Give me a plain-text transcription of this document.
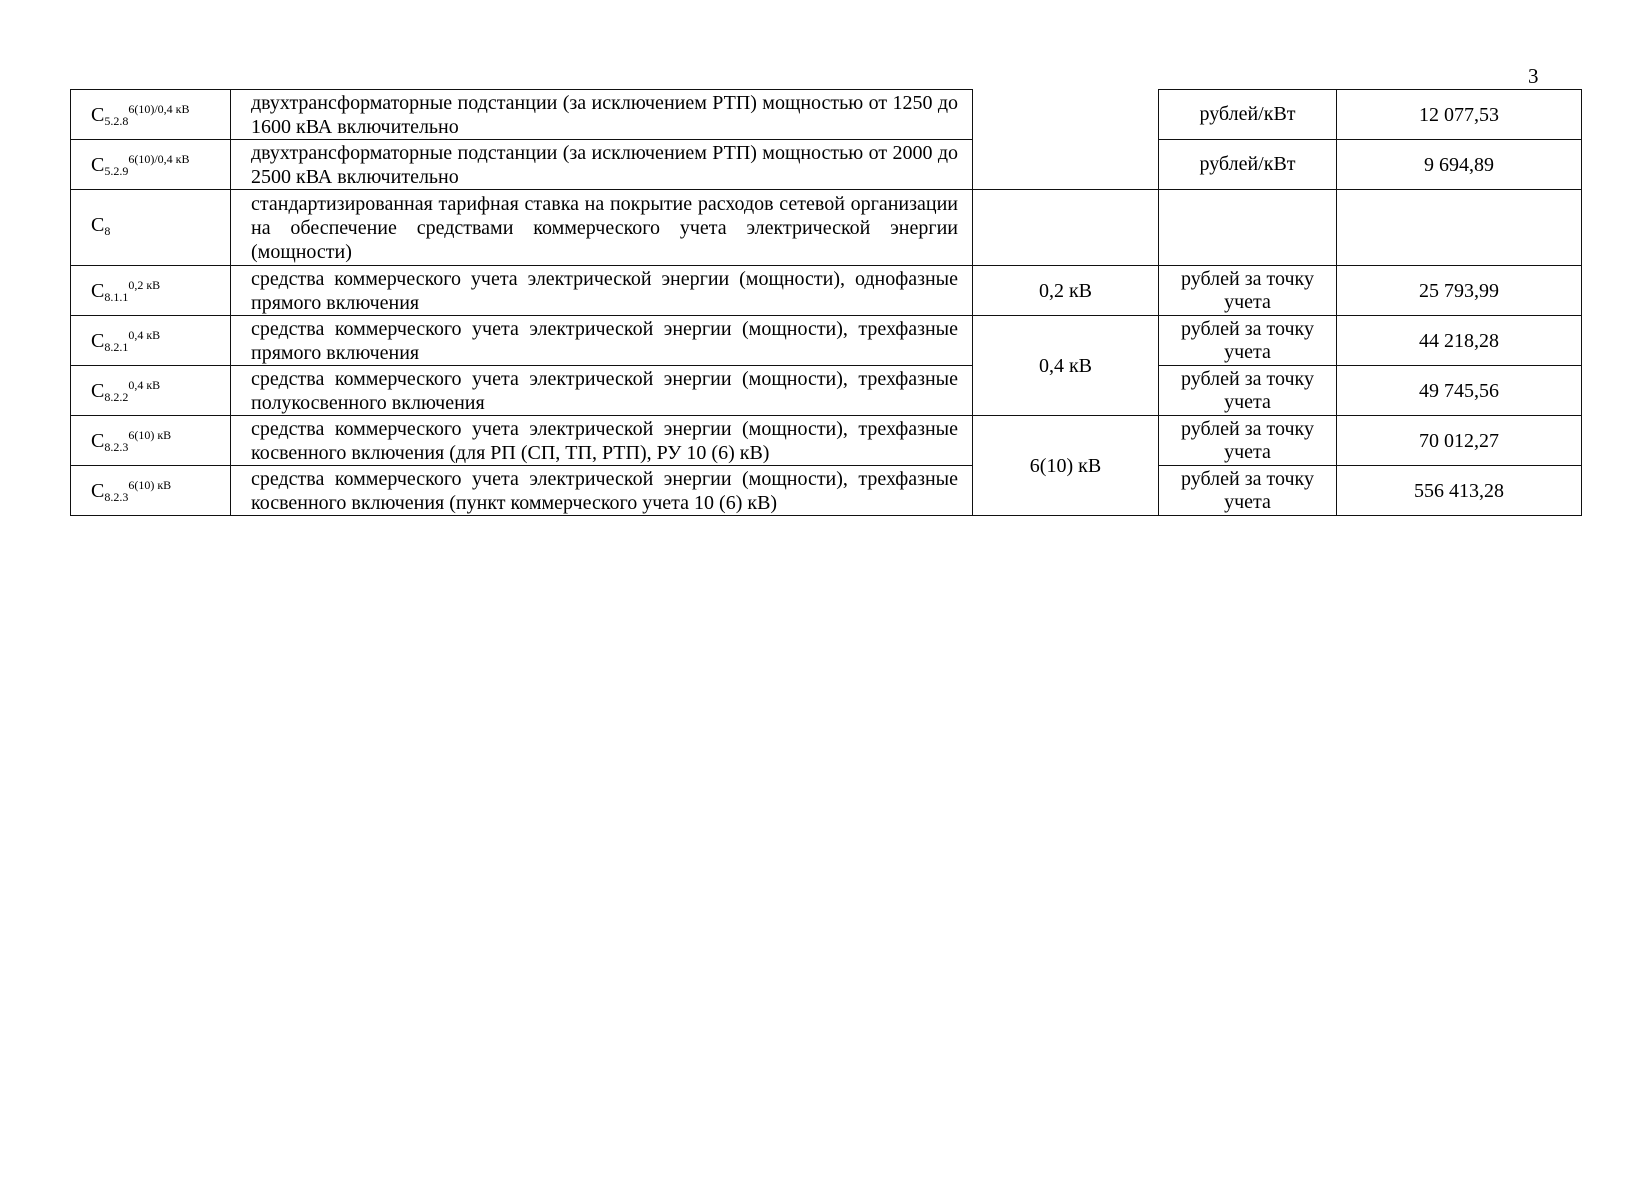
3
$C_{5.2.8}^{6(10)/0,4 кВ}$	двухтрансформаторные подстанции (за исключением РТП) мощностью от 1250 до 1600 кВА включительно		рублей/кВт	12 077,53
$C_{5.2.9}^{6(10)/0,4 кВ}$	двухтрансформаторные подстанции (за исключением РТП) мощностью от 2000 до 2500 кВА включительно		рублей/кВт	9 694,89
$C_8$	стандартизированная тарифная ставка на покрытие расходов сетевой организации на обеспечение средствами коммерческого учета электрической энергии (мощности)			
$C_{8.1.1}^{0,2 кВ}$	средства коммерческого учета электрической энергии (мощности), однофазные прямого включения	0,2 кВ	рублей за точку учета	25 793,99
$C_{8.2.1}^{0,4 кВ}$	средства коммерческого учета электрической энергии (мощности), трехфазные прямого включения	0,4 кВ	рублей за точку учета	44 218,28
$C_{8.2.2}^{0,4 кВ}$	средства коммерческого учета электрической энергии (мощности), трехфазные полукосвенного включения		рублей за точку учета	49 745,56
$C_{8.2.3}^{6(10) кВ}$	средства коммерческого учета электрической энергии (мощности), трехфазные косвенного включения (для РП (СП, ТП, РТП), РУ 10 (6) кВ)	6(10) кВ	рублей за точку учета	70 012,27
$C_{8.2.3}^{6(10) кВ}$	средства коммерческого учета электрической энергии (мощности), трехфазные косвенного включения (пункт коммерческого учета 10 (6) кВ)		рублей за точку учета	556 413,28
